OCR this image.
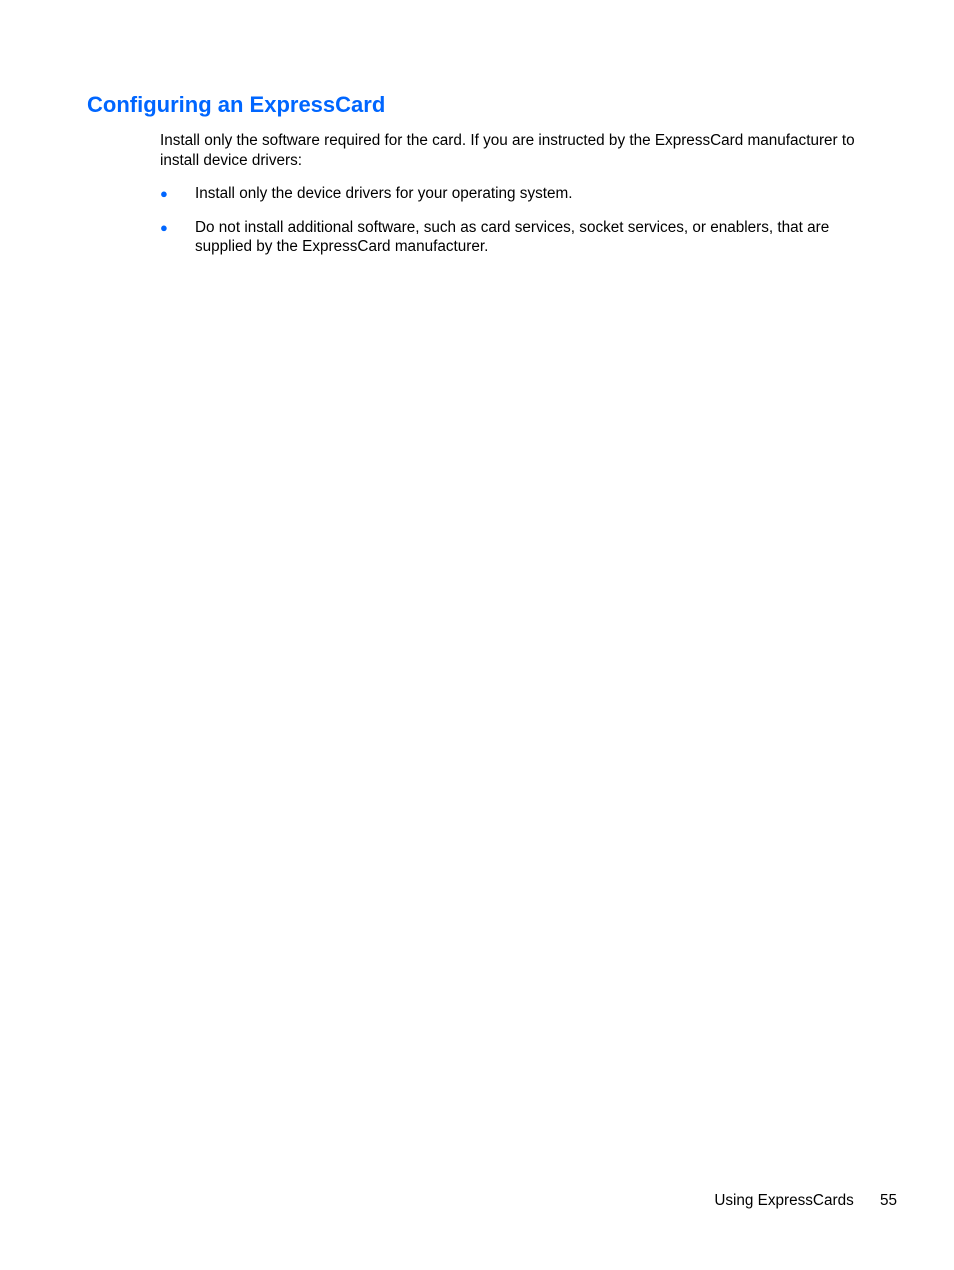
Configuring an ExpressCard

Install only the software required for the card. If you are instructed by the ExpressCard manufacturer to install device drivers:

● Install only the device drivers for your operating system.
● Do not install additional software, such as card services, socket services, or enablers, that are supplied by the ExpressCard manufacturer.
Using ExpressCards 55
